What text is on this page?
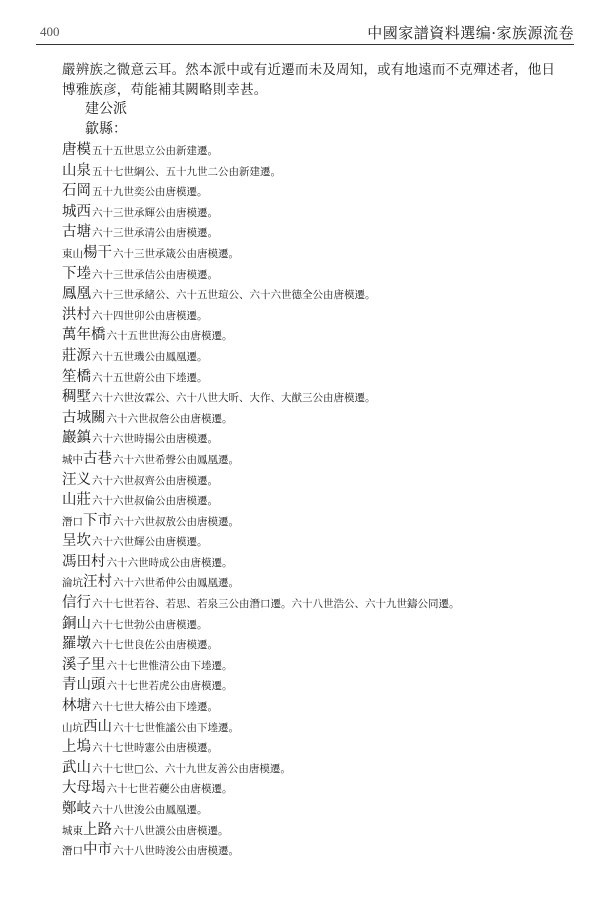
400	中國家譜資料選编·家族源流卷

嚴辨族之微意云耳。然本派中或有近遷而未及周知，或有地遠而不克殫述者，他日博雅族彦，苟能補其闕略則幸甚。

建公派
歙縣：
唐模五十五世思立公由新建遷。
山泉五十七世綱公、五十九世二公由新建遷。
石岡五十九世奕公由唐模遷。
城西六十三世承輝公由唐模遷。
古塘六十三世承清公由唐模遷。
東山楊干六十三世承箴公由唐模遷。
下堘六十三世承佶公由唐模遷。
鳳凰六十三世承緒公、六十五世瑄公、六十六世德全公由唐模遷。
洪村六十四世卯公由唐模遷。
萬年橋六十五世世海公由唐模遷。
莊源六十五世璣公由鳳凰遷。
笙橋六十五世蔚公由下堘遷。
稠墅六十六世汝霖公、六十八世大昕、大作、大猷三公由唐模遷。
古城關六十六世叔詹公由唐模遷。
巖鎮六十六世時揚公由唐模遷。
城中古巷六十六世希聲公由鳳凰遷。
汪义六十六世叔齊公由唐模遷。
山莊六十六世叔倫公由唐模遷。
潛口下市六十六世叔敖公由唐模遷。
呈坎六十六世輝公由唐模遷。
馮田村六十六世時成公由唐模遷。
淪坑汪村六十六世希仲公由鳳凰遷。
信行六十七世若谷、若思、若泉三公由潛口遷。六十八世浩公、六十九世鑄公同遷。
銅山六十七世勃公由唐模遷。
羅墩六十七世良佐公由唐模遷。
溪子里六十七世惟清公由下堘遷。
青山頭六十七世若虎公由唐模遷。
林塘六十七世大椿公由下堘遷。
山坑西山六十七世惟謐公由下堘遷。
上塢六十七世時憲公由唐模遷。
武山六十七世□公、六十九世友善公由唐模遷。
大母堨六十七世若虁公由唐模遷。
鄭岐六十八世浚公由鳳凰遷。
城東上路六十八世謨公由唐模遷。
潛口中市六十八世時浚公由唐模遷。
